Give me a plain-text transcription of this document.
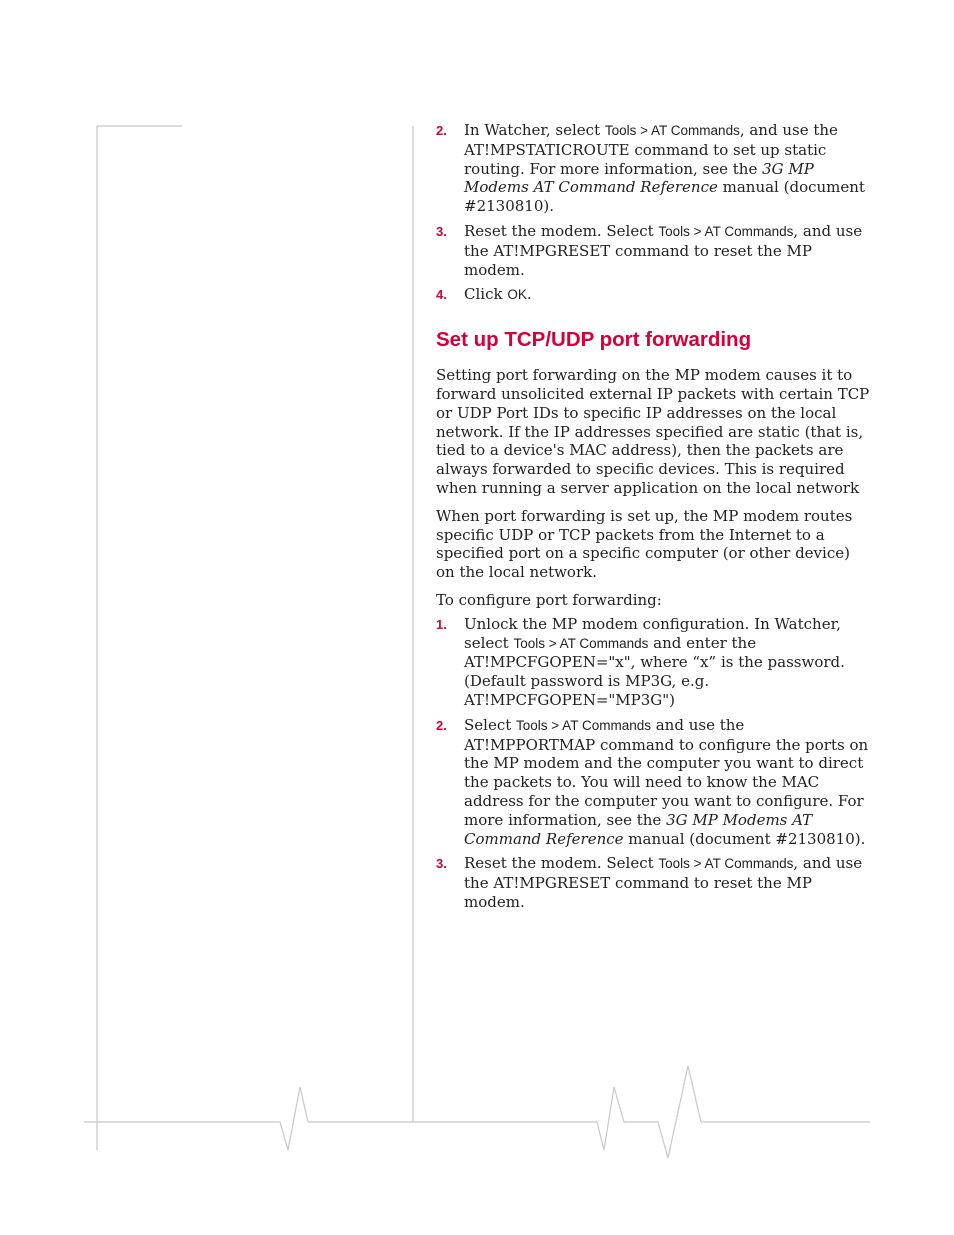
2. In Watcher, select Tools > AT Commands, and use the AT!MPSTATICROUTE command to set up static routing. For more information, see the 3G MP Modems AT Command Reference manual (document #2130810).

3. Reset the modem. Select Tools > AT Commands, and use the AT!MPGRESET command to reset the MP modem.

4. Click OK.

Set up TCP/UDP port forwarding

Setting port forwarding on the MP modem causes it to forward unsolicited external IP packets with certain TCP or UDP Port IDs to specific IP addresses on the local network. If the IP addresses specified are static (that is, tied to a device's MAC address), then the packets are always forwarded to specific devices. This is required when running a server application on the local network

When port forwarding is set up, the MP modem routes specific UDP or TCP packets from the Internet to a specified port on a specific computer (or other device) on the local network.

To configure port forwarding:

1. Unlock the MP modem configuration. In Watcher, select Tools > AT Commands and enter the AT!MPCFGOPEN="x", where “x” is the password. (Default password is MP3G, e.g. AT!MPCFGOPEN="MP3G")

2. Select Tools > AT Commands and use the AT!MPPORTMAP command to configure the ports on the MP modem and the computer you want to direct the packets to. You will need to know the MAC address for the computer you want to configure. For more information, see the 3G MP Modems AT Command Reference manual (document #2130810).

3. Reset the modem. Select Tools > AT Commands, and use the AT!MPGRESET command to reset the MP modem.
